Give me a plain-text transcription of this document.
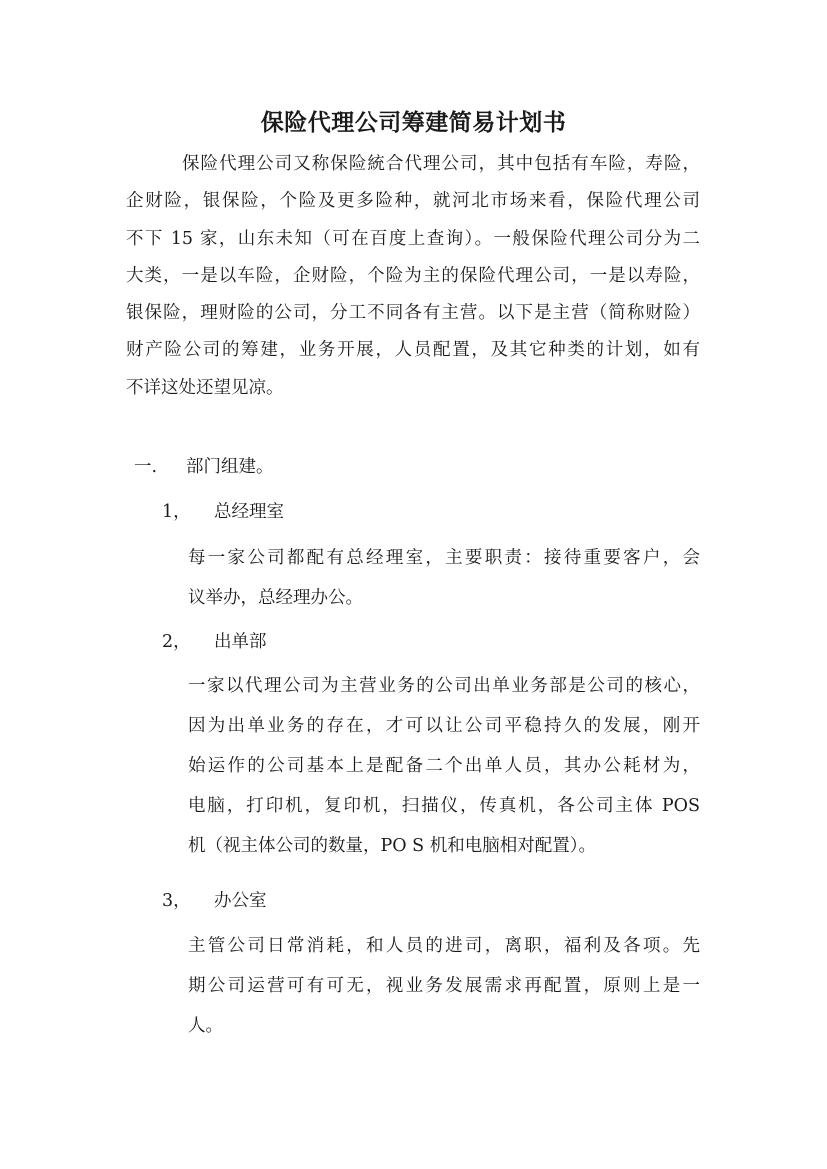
保险代理公司筹建简易计划书
保险代理公司又称保险統合代理公司，其中包括有车险，寿险，
企财险，银保险，个险及更多险种，就河北市场来看，保险代理公司
不下 15 家，山东未知（可在百度上查询）。一般保险代理公司分为二
大类，一是以车险，企财险，个险为主的保险代理公司，一是以寿险，
银保险，理财险的公司，分工不同各有主营。以下是主营（简称财险）
财产险公司的筹建，业务开展，人员配置，及其它种类的计划，如有
不详这处还望见凉。
一. 部门组建。
1， 总经理室
每一家公司都配有总经理室，主要职责：接待重要客户，会
议举办，总经理办公。
2， 出单部
一家以代理公司为主营业务的公司出单业务部是公司的核心，
因为出单业务的存在，才可以让公司平稳持久的发展，刚开
始运作的公司基本上是配备二个出单人员，其办公耗材为，
电脑，打印机，复印机，扫描仪，传真机，各公司主体 POS
机（视主体公司的数量，PO S 机和电脑相对配置）。
3， 办公室
主管公司日常消耗，和人员的进司，离职，福利及各项。先
期公司运营可有可无，视业务发展需求再配置，原则上是一
人。
